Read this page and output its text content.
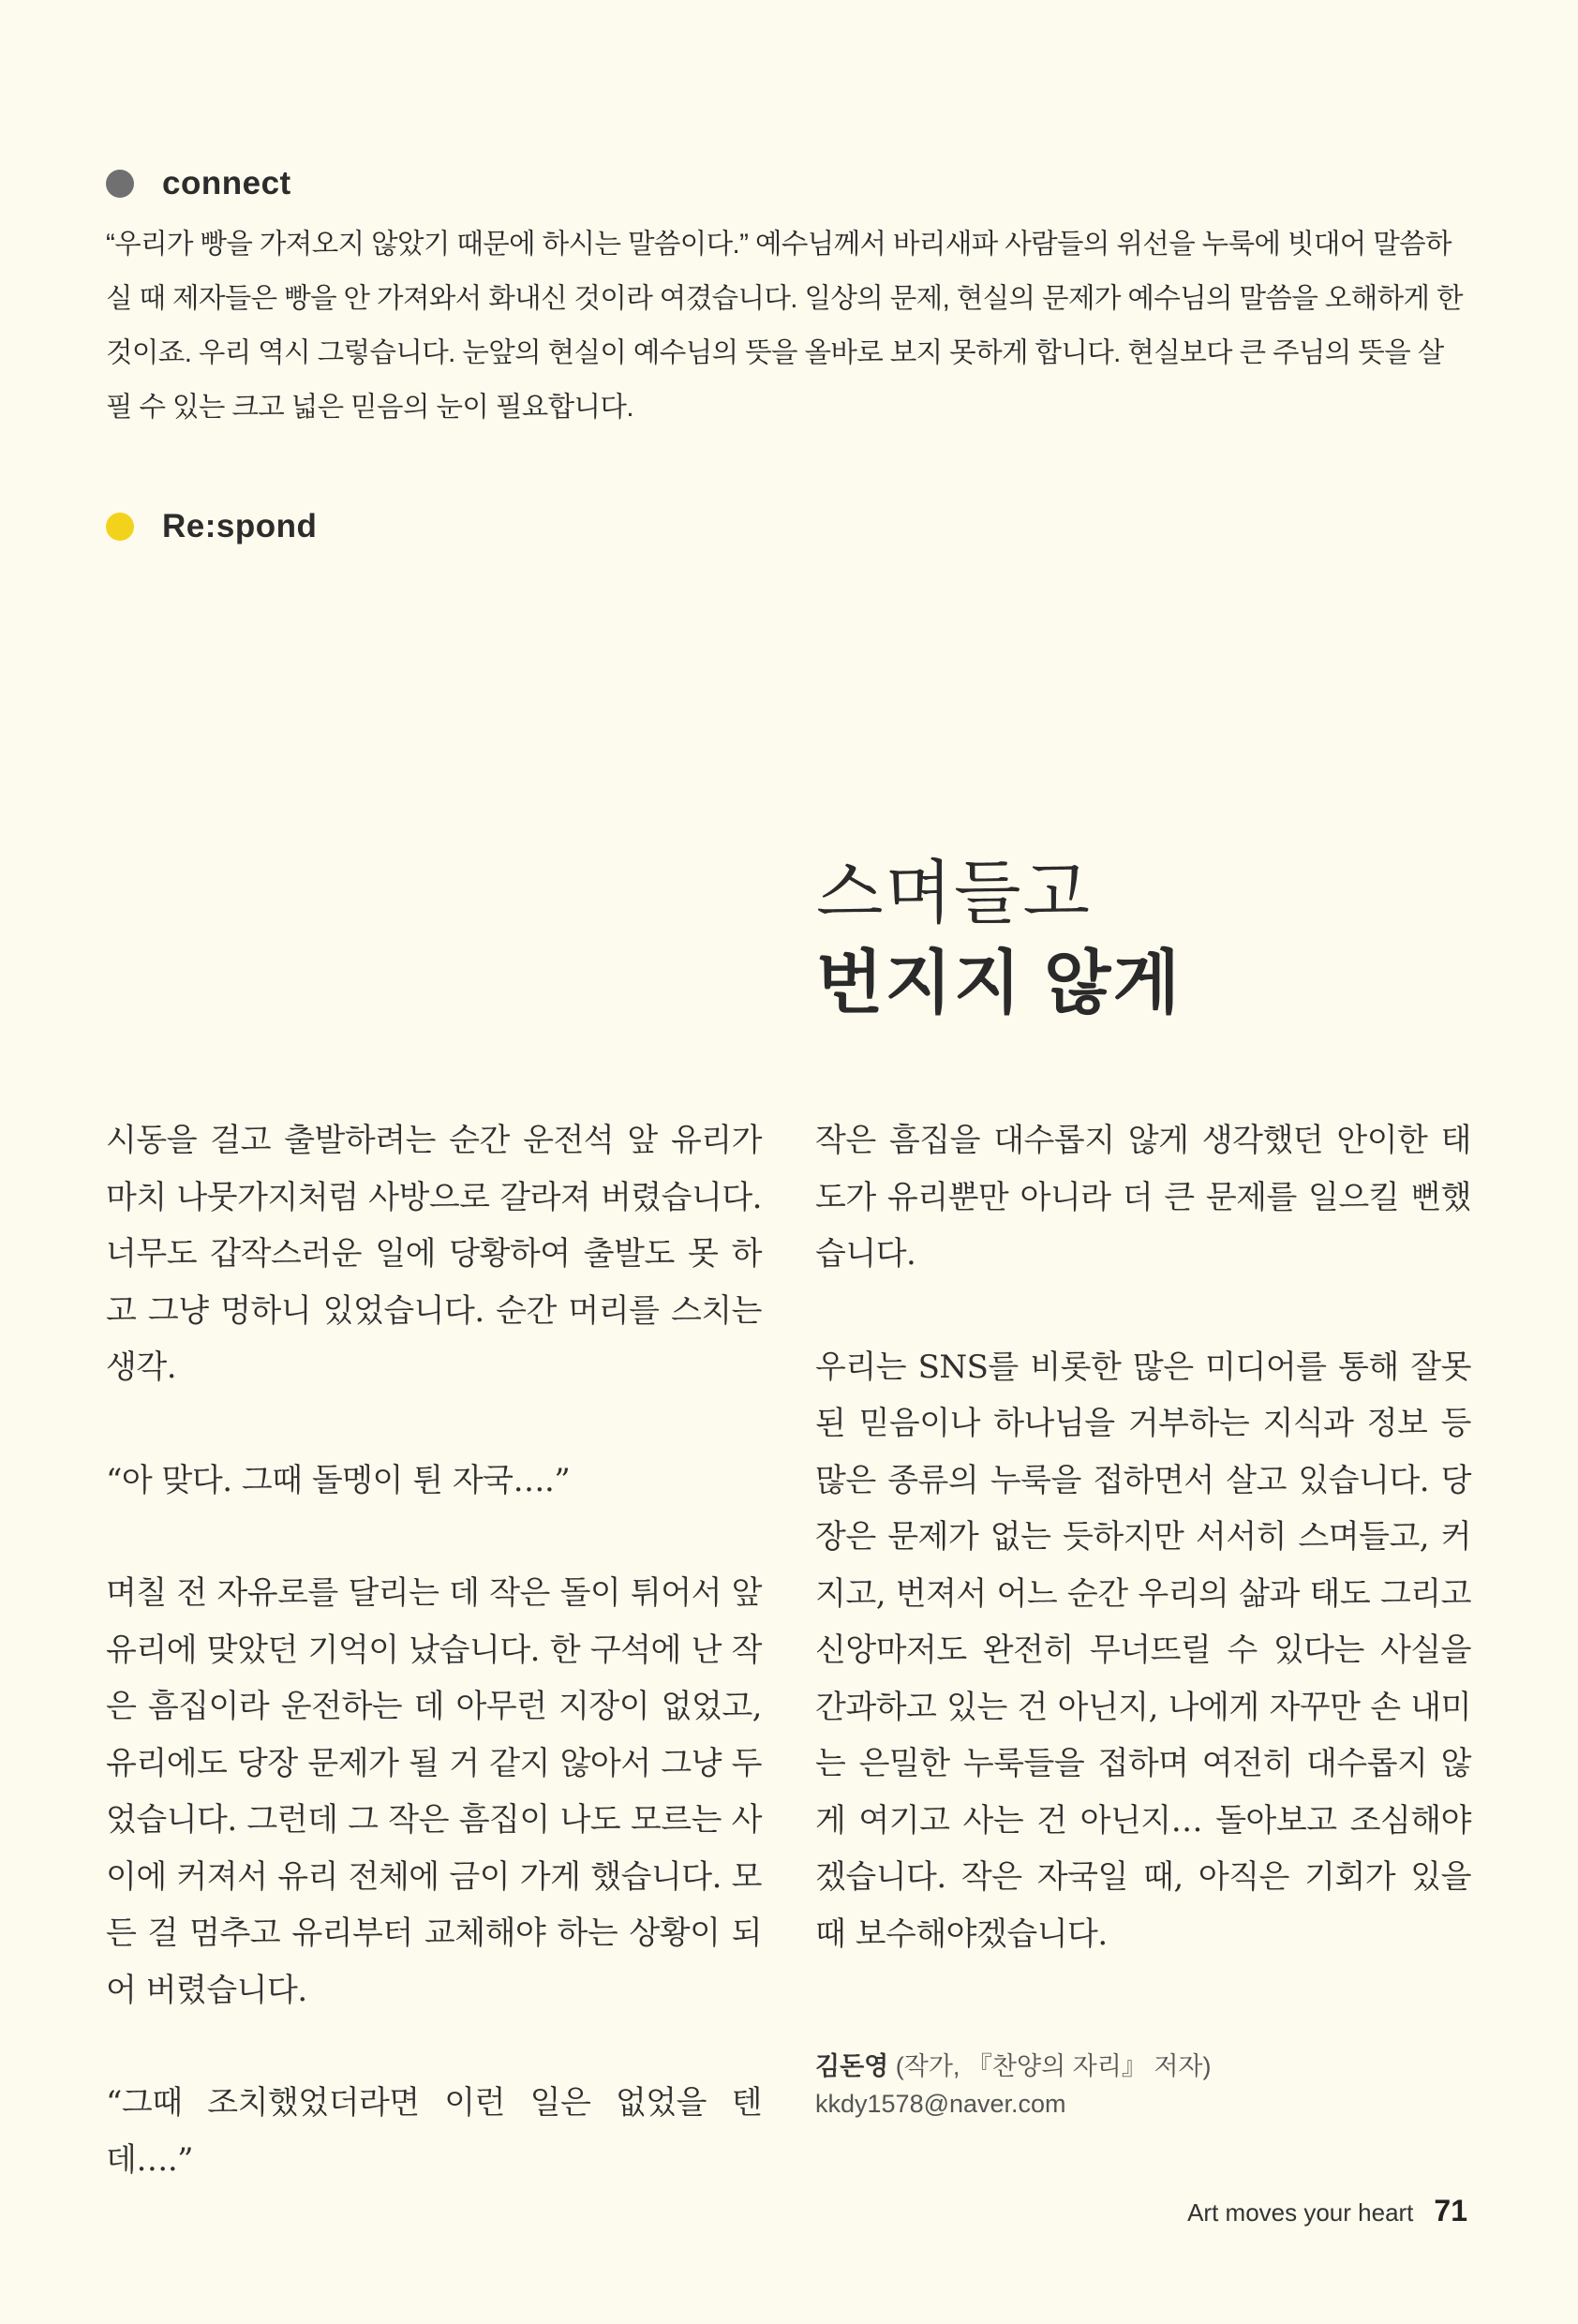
connect

“우리가 빵을 가져오지 않았기 때문에 하시는 말씀이다.” 예수님께서 바리새파 사람들의 위선을 누룩에 빗대어 말씀하실 때 제자들은 빵을 안 가져와서 화내신 것이라 여겼습니다. 일상의 문제, 현실의 문제가 예수님의 말씀을 오해하게 한 것이죠. 우리 역시 그렇습니다. 눈앞의 현실이 예수님의 뜻을 올바로 보지 못하게 합니다. 현실보다 큰 주님의 뜻을 살필 수 있는 크고 넓은 믿음의 눈이 필요합니다.

Re:spond
스며들고
번지지 않게

시동을 걸고 출발하려는 순간 운전석 앞 유리가 마치 나뭇가지처럼 사방으로 갈라져 버렸습니다. 너무도 갑작스러운 일에 당황하여 출발도 못 하고 그냥 멍하니 있었습니다. 순간 머리를 스치는 생각.

“아 맞다. 그때 돌멩이 튄 자국….”

며칠 전 자유로를 달리는 데 작은 돌이 튀어서 앞 유리에 맞았던 기억이 났습니다. 한 구석에 난 작은 흠집이라 운전하는 데 아무런 지장이 없었고, 유리에도 당장 문제가 될 거 같지 않아서 그냥 두었습니다. 그런데 그 작은 흠집이 나도 모르는 사이에 커져서 유리 전체에 금이 가게 했습니다. 모든 걸 멈추고 유리부터 교체해야 하는 상황이 되어 버렸습니다.

“그때 조치했었더라면 이런 일은 없었을 텐데….”

작은 흠집을 대수롭지 않게 생각했던 안이한 태도가 유리뿐만 아니라 더 큰 문제를 일으킬 뻔했습니다.

우리는 SNS를 비롯한 많은 미디어를 통해 잘못된 믿음이나 하나님을 거부하는 지식과 정보 등 많은 종류의 누룩을 접하면서 살고 있습니다. 당장은 문제가 없는 듯하지만 서서히 스며들고, 커지고, 번져서 어느 순간 우리의 삶과 태도 그리고 신앙마저도 완전히 무너뜨릴 수 있다는 사실을 간과하고 있는 건 아닌지, 나에게 자꾸만 손 내미는 은밀한 누룩들을 접하며 여전히 대수롭지 않게 여기고 사는 건 아닌지… 돌아보고 조심해야겠습니다. 작은 자국일 때, 아직은 기회가 있을 때 보수해야겠습니다.

김돈영 (작가, 『찬양의 자리』 저자)
kkdy1578@naver.com
Art moves your heart 71
